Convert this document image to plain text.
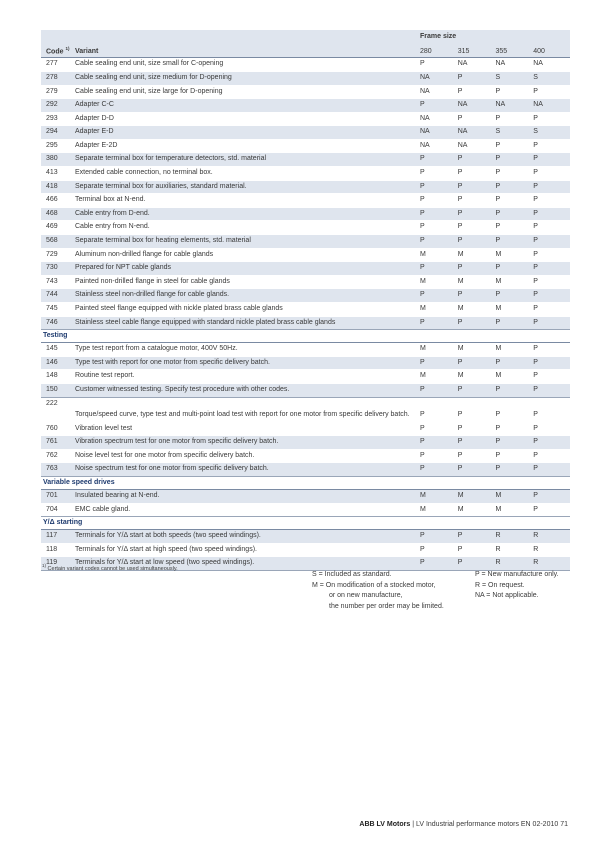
		Frame size			
Code $^{1)}$	Variant	280	315	355	400
277	Cable sealing end unit, size small for C-opening	P	NA	NA	NA
278	Cable sealing end unit, size medium for D-opening	NA	P	S	S
279	Cable sealing end unit, size large for D-opening	NA	P	P	P
292	Adapter C-C	P	NA	NA	NA
293	Adapter D-D	NA	P	P	P
294	Adapter E-D	NA	NA	S	S
295	Adapter E-2D	NA	NA	P	P
380	Separate terminal box for temperature detectors, std. material	P	P	P	P
413	Extended cable connection, no terminal box.	P	P	P	P
418	Separate terminal box for auxiliaries, standard material.	P	P	P	P
466	Terminal box at N-end.	P	P	P	P
468	Cable entry from D-end.	P	P	P	P
469	Cable entry from N-end.	P	P	P	P
568	Separate terminal box for heating elements, std. material	P	P	P	P
729	Aluminum non-drilled flange for cable glands	M	M	M	P
730	Prepared for NPT cable glands	P	P	P	P
743	Painted non-drilled flange in steel for cable glands	M	M	M	P
744	Stainless steel non-drilled flange for cable glands.	P	P	P	P
745	Painted steel flange equipped with nickle plated brass cable glands	M	M	M	P
746	Stainless steel cable flange equipped with standard nickle plated brass cable glands	P	P	P	P
Testing					
145	Type test report from a catalogue motor, 400V 50Hz.	M	M	M	P
146	Type test with report for one motor from specific delivery batch.	P	P	P	P
148	Routine test report.	M	M	M	P
150	Customer witnessed testing. Specify test procedure with other codes.	P	P	P	P
222	Torque/speed curve, type test and multi-point load test with report for one motor from specific delivery batch.	P	P	P	P
760	Vibration level test	P	P	P	P
761	Vibration spectrum test for one motor from specific delivery batch.	P	P	P	P
762	Noise level test for one motor from specific delivery batch.	P	P	P	P
763	Noise spectrum test for one motor from specific delivery batch.	P	P	P	P
Variable speed drives					
701	Insulated bearing at N-end.	M	M	M	P
704	EMC cable gland.	M	M	M	P
Y/Δ starting					
117	Terminals for Y/Δ start at both speeds (two speed windings).	P	P	R	R
118	Terminals for Y/Δ start at high speed (two speed windings).	P	P	R	R
119	Terminals for Y/Δ start at low speed (two speed windings).	P	P	R	R
$^{1)}$ Certain variant codes cannot be used simultaneously.
S = Included as standard.
M = On modification of a stocked motor,
or on new manufacture,
the number per order may be limited.
P = New manufacture only.
R = On request.
NA = Not applicable.
ABB LV Motors | LV Industrial performance motors EN 02-2010 71
